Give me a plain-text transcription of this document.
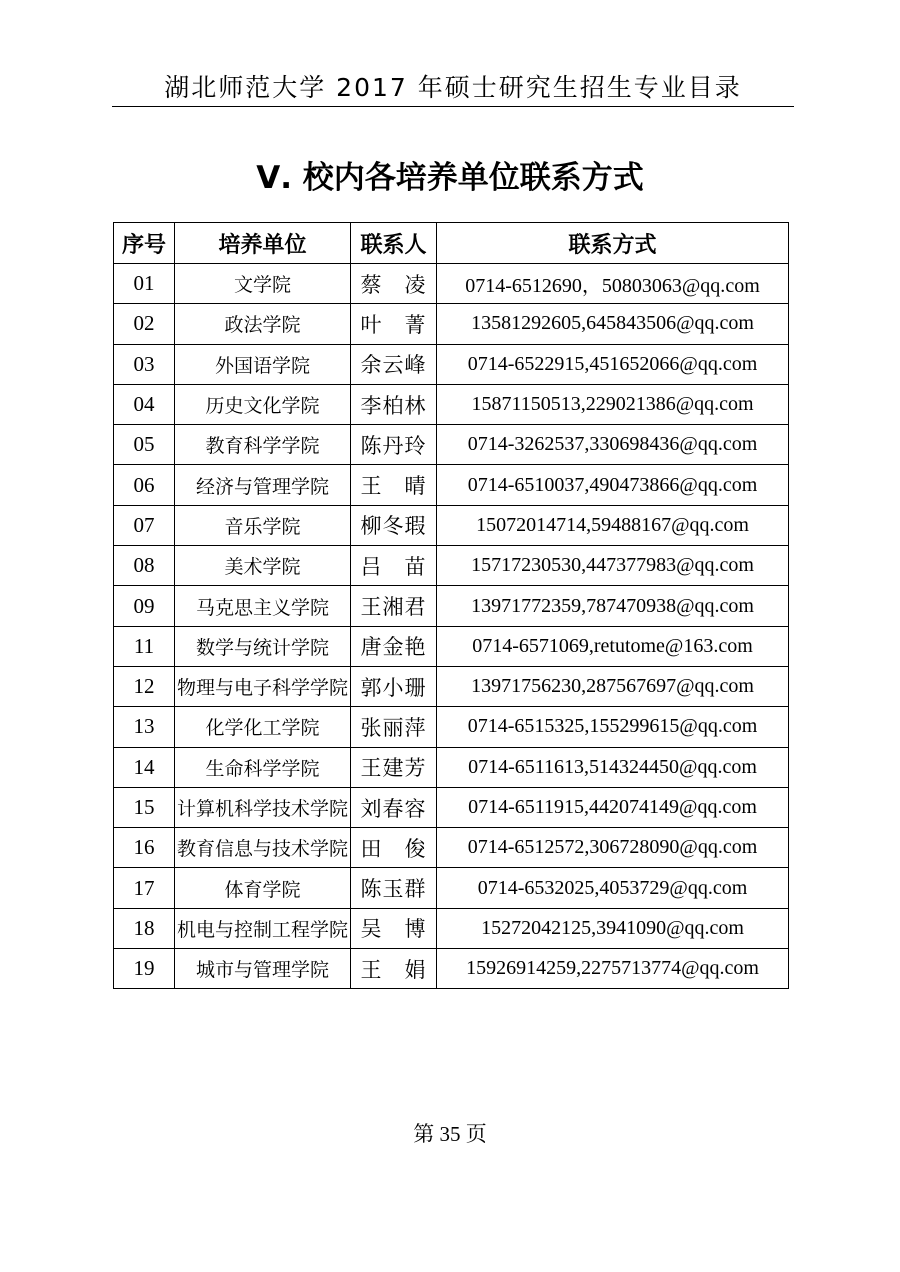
湖北师范大学 2017 年硕士研究生招生专业目录
Ⅴ. 校内各培养单位联系方式
序号	培养单位	联系人	联系方式
01	文学院	蔡　凌	0714-6512690，50803063@qq.com
02	政法学院	叶　菁	13581292605,645843506@qq.com
03	外国语学院	余云峰	0714-6522915,451652066@qq.com
04	历史文化学院	李柏林	15871150513,229021386@qq.com
05	教育科学学院	陈丹玲	0714-3262537,330698436@qq.com
06	经济与管理学院	王　晴	0714-6510037,490473866@qq.com
07	音乐学院	柳冬瑕	15072014714,59488167@qq.com
08	美术学院	吕　苗	15717230530,447377983@qq.com
09	马克思主义学院	王湘君	13971772359,787470938@qq.com
11	数学与统计学院	唐金艳	0714-6571069,retutome@163.com
12	物理与电子科学学院	郭小珊	13971756230,287567697@qq.com
13	化学化工学院	张丽萍	0714-6515325,155299615@qq.com
14	生命科学学院	王建芳	0714-6511613,514324450@qq.com
15	计算机科学技术学院	刘春容	0714-6511915,442074149@qq.com
16	教育信息与技术学院	田　俊	0714-6512572,306728090@qq.com
17	体育学院	陈玉群	0714-6532025,4053729@qq.com
18	机电与控制工程学院	吴　博	15272042125,3941090@qq.com
19	城市与管理学院	王　娟	15926914259,2275713774@qq.com
第 35 页
